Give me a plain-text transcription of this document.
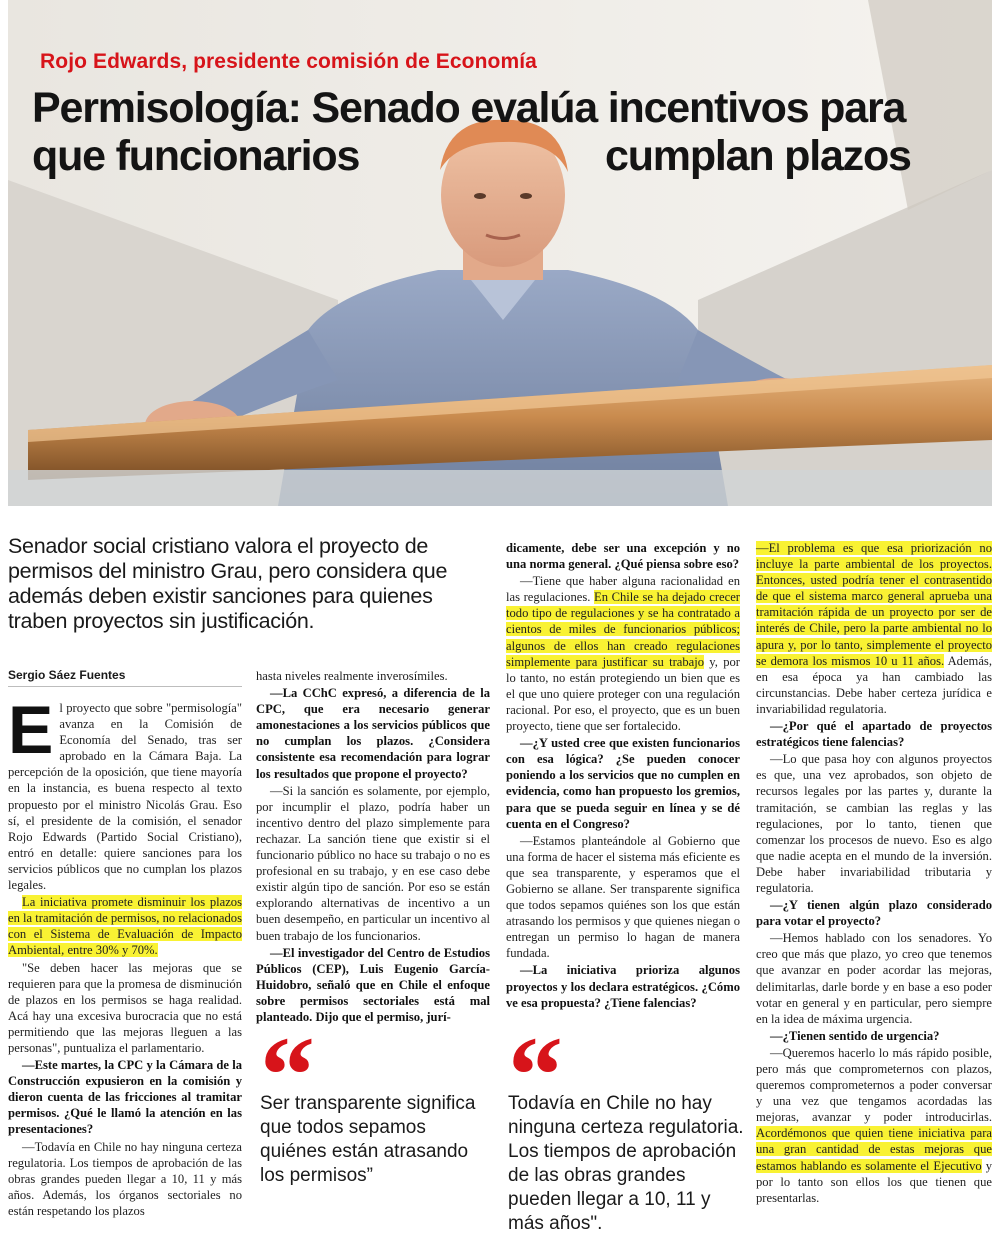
Rojo Edwards, presidente comisión de Economía
Permisología: Senado evalúa incentivos para
que funcionarios	cumplan plazos
Senador social cristiano valora el proyecto de permisos del ministro Grau, pero considera que además deben existir sanciones para quienes traben proyectos sin justificación.
Sergio Sáez Fuentes

El proyecto que sobre "permisología" avanza en la Comisión de Economía del Senado, tras ser aprobado en la Cámara Baja. La percepción de la oposición, que tiene mayoría en la instancia, es buena respecto al texto propuesto por el ministro Nicolás Grau. Eso sí, el presidente de la comisión, el senador Rojo Edwards (Partido Social Cristiano), entró en detalle: quiere sanciones para los servicios públicos que no cumplan los plazos legales.

La iniciativa promete disminuir los plazos en la tramitación de permisos, no relacionados con el Sistema de Evaluación de Impacto Ambiental, entre 30% y 70%.

"Se deben hacer las mejoras que se requieren para que la promesa de disminución de plazos en los permisos se haga realidad. Acá hay una excesiva burocracia que no está permitiendo que las mejoras lleguen a las personas", puntualiza el parlamentario.

—Este martes, la CPC y la Cámara de la Construcción expusieron en la comisión y dieron cuenta de las fricciones al tramitar permisos. ¿Qué le llamó la atención en las presentaciones?

—Todavía en Chile no hay ninguna certeza regulatoria. Los tiempos de aprobación de las obras grandes pueden llegar a 10, 11 y más años. Además, los órganos sectoriales no están respetando los plazos

hasta niveles realmente inverosímiles.

—La CChC expresó, a diferencia de la CPC, que era necesario generar amonestaciones a los servicios públicos que no cumplan los plazos. ¿Considera consistente esa recomendación para lograr los resultados que propone el proyecto?

—Si la sanción es solamente, por ejemplo, por incumplir el plazo, podría haber un incentivo dentro del plazo simplemente para rechazar. La sanción tiene que existir si el funcionario público no hace su trabajo o no es profesional en su trabajo, y en ese caso debe existir algún tipo de sanción. Por eso se están explorando alternativas de incentivo a un buen desempeño, en particular un incentivo al buen trabajo de los funcionarios.

—El investigador del Centro de Estudios Públicos (CEP), Luis Eugenio García-Huidobro, señaló que en Chile el enfoque sobre permisos sectoriales está mal planteado. Dijo que el permiso, jurí-

dicamente, debe ser una excepción y no una norma general. ¿Qué piensa sobre eso?

—Tiene que haber alguna racionalidad en las regulaciones. En Chile se ha dejado crecer todo tipo de regulaciones y se ha contratado a cientos de miles de funcionarios públicos; algunos de ellos han creado regulaciones simplemente para justificar su trabajo y, por lo tanto, no están protegiendo un bien que es el que uno quiere proteger con una regulación racional. Por eso, el proyecto, que es un buen proyecto, tiene que ser fortalecido.

—¿Y usted cree que existen funcionarios con esa lógica? ¿Se pueden conocer poniendo a los servicios que no cumplen en evidencia, como han propuesto los gremios, para que se pueda seguir en línea y se dé cuenta en el Congreso?

—Estamos planteándole al Gobierno que una forma de hacer el sistema más eficiente es que sea transparente, y esperamos que el Gobierno se allane. Ser transparente significa que todos sepamos quiénes son los que están atrasando los permisos y que quienes niegan o entregan un permiso lo hagan de manera fundada.

—La iniciativa prioriza algunos proyectos y los declara estratégicos. ¿Cómo ve esa propuesta? ¿Tiene falencias?

—El problema es que esa priorización no incluye la parte ambiental de los proyectos. Entonces, usted podría tener el contrasentido de que el sistema marco general aprueba una tramitación rápida de un proyecto por ser de interés de Chile, pero la parte ambiental no lo apura y, por lo tanto, simplemente el proyecto se demora los mismos 10 u 11 años. Además, en esa época ya han cambiado las circunstancias. Debe haber certeza jurídica e invariabilidad regulatoria.

—¿Por qué el apartado de proyectos estratégicos tiene falencias?

—Lo que pasa hoy con algunos proyectos es que, una vez aprobados, son objeto de recursos legales por las partes y, durante la tramitación, se cambian las reglas y las regulaciones, por lo tanto, tienen que comenzar los procesos de nuevo. Eso es algo que nadie acepta en el mundo de la inversión. Debe haber invariabilidad tributaria y regulatoria.

—¿Y tienen algún plazo considerado para votar el proyecto?

—Hemos hablado con los senadores. Yo creo que más que plazo, yo creo que tenemos que avanzar en poder acordar las mejoras, delimitarlas, darle borde y en base a eso poder votar en general y en particular, pero siempre en la idea de máxima urgencia.

—¿Tienen sentido de urgencia?

—Queremos hacerlo lo más rápido posible, pero más que comprometernos con plazos, queremos comprometernos a poder conversar y una vez que tengamos acordadas las mejoras, avanzar y poder introducirlas. Acordémonos que quien tiene iniciativa para una gran cantidad de estas mejoras que estamos hablando es solamente el Ejecutivo y por lo tanto son ellos los que tienen que presentarlas.

“
Ser transparente significa que todos sepamos quiénes están atrasando los permisos”
“
Todavía en Chile no hay ninguna certeza regulatoria. Los tiempos de aprobación de las obras grandes pueden llegar a 10, 11 y más años".
